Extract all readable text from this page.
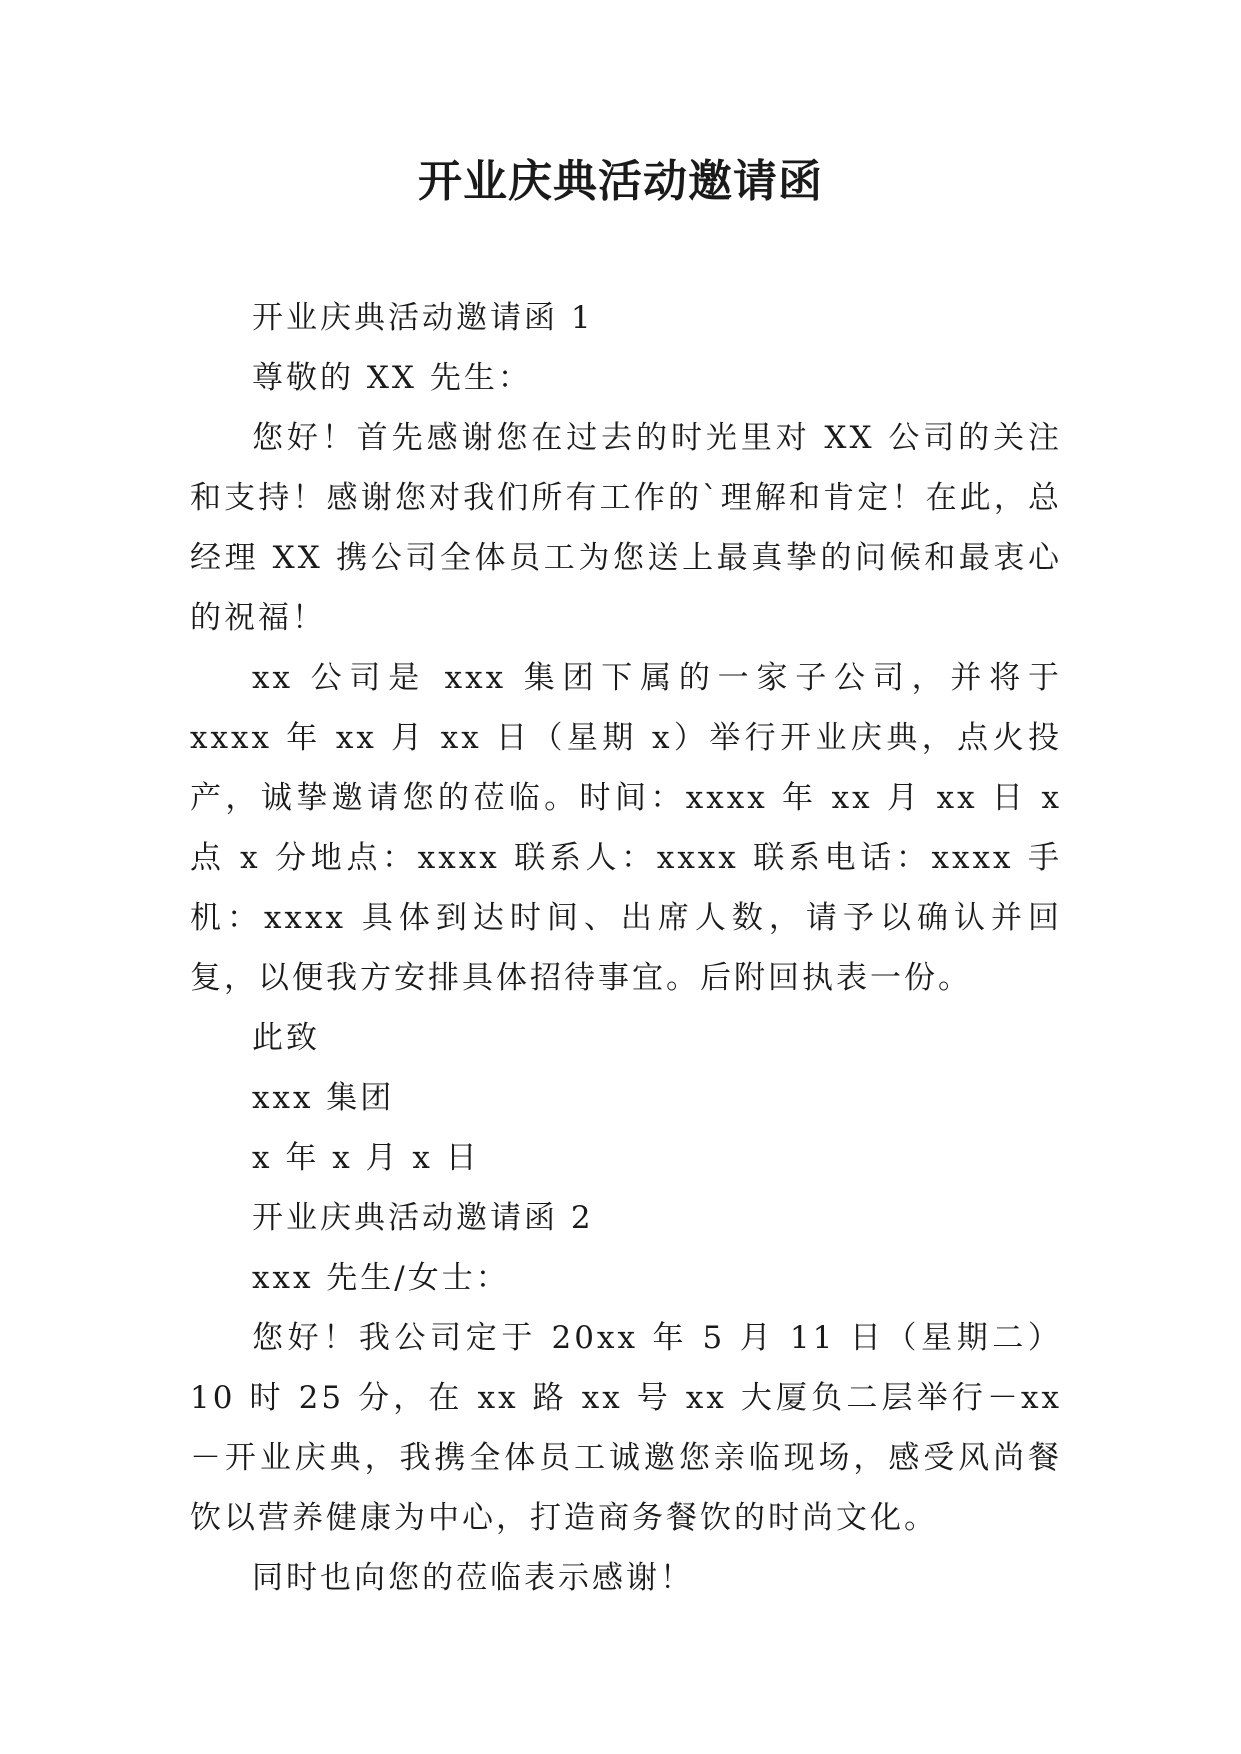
开业庆典活动邀请函

开业庆典活动邀请函 1

尊敬的 XX 先生：

您好！首先感谢您在过去的时光里对 XX 公司的关注和支持！感谢您对我们所有工作的`理解和肯定！在此，总经理 XX 携公司全体员工为您送上最真挚的问候和最衷心的祝福！

xx 公司是 xxx 集团下属的一家子公司，并将于 xxxx 年 xx 月 xx 日（星期 x）举行开业庆典，点火投产，诚挚邀请您的莅临。时间：xxxx 年 xx 月 xx 日 x 点 x 分地点：xxxx 联系人：xxxx 联系电话：xxxx 手机：xxxx 具体到达时间、出席人数，请予以确认并回复，以便我方安排具体招待事宜。后附回执表一份。

此致

xxx 集团

x 年 x 月 x 日

开业庆典活动邀请函 2

xxx 先生/女士：

您好！我公司定于 20xx 年 5 月 11 日（星期二）10 时 25 分，在 xx 路 xx 号 xx 大厦负二层举行－xx－开业庆典，我携全体员工诚邀您亲临现场，感受风尚餐饮以营养健康为中心，打造商务餐饮的时尚文化。

同时也向您的莅临表示感谢！
